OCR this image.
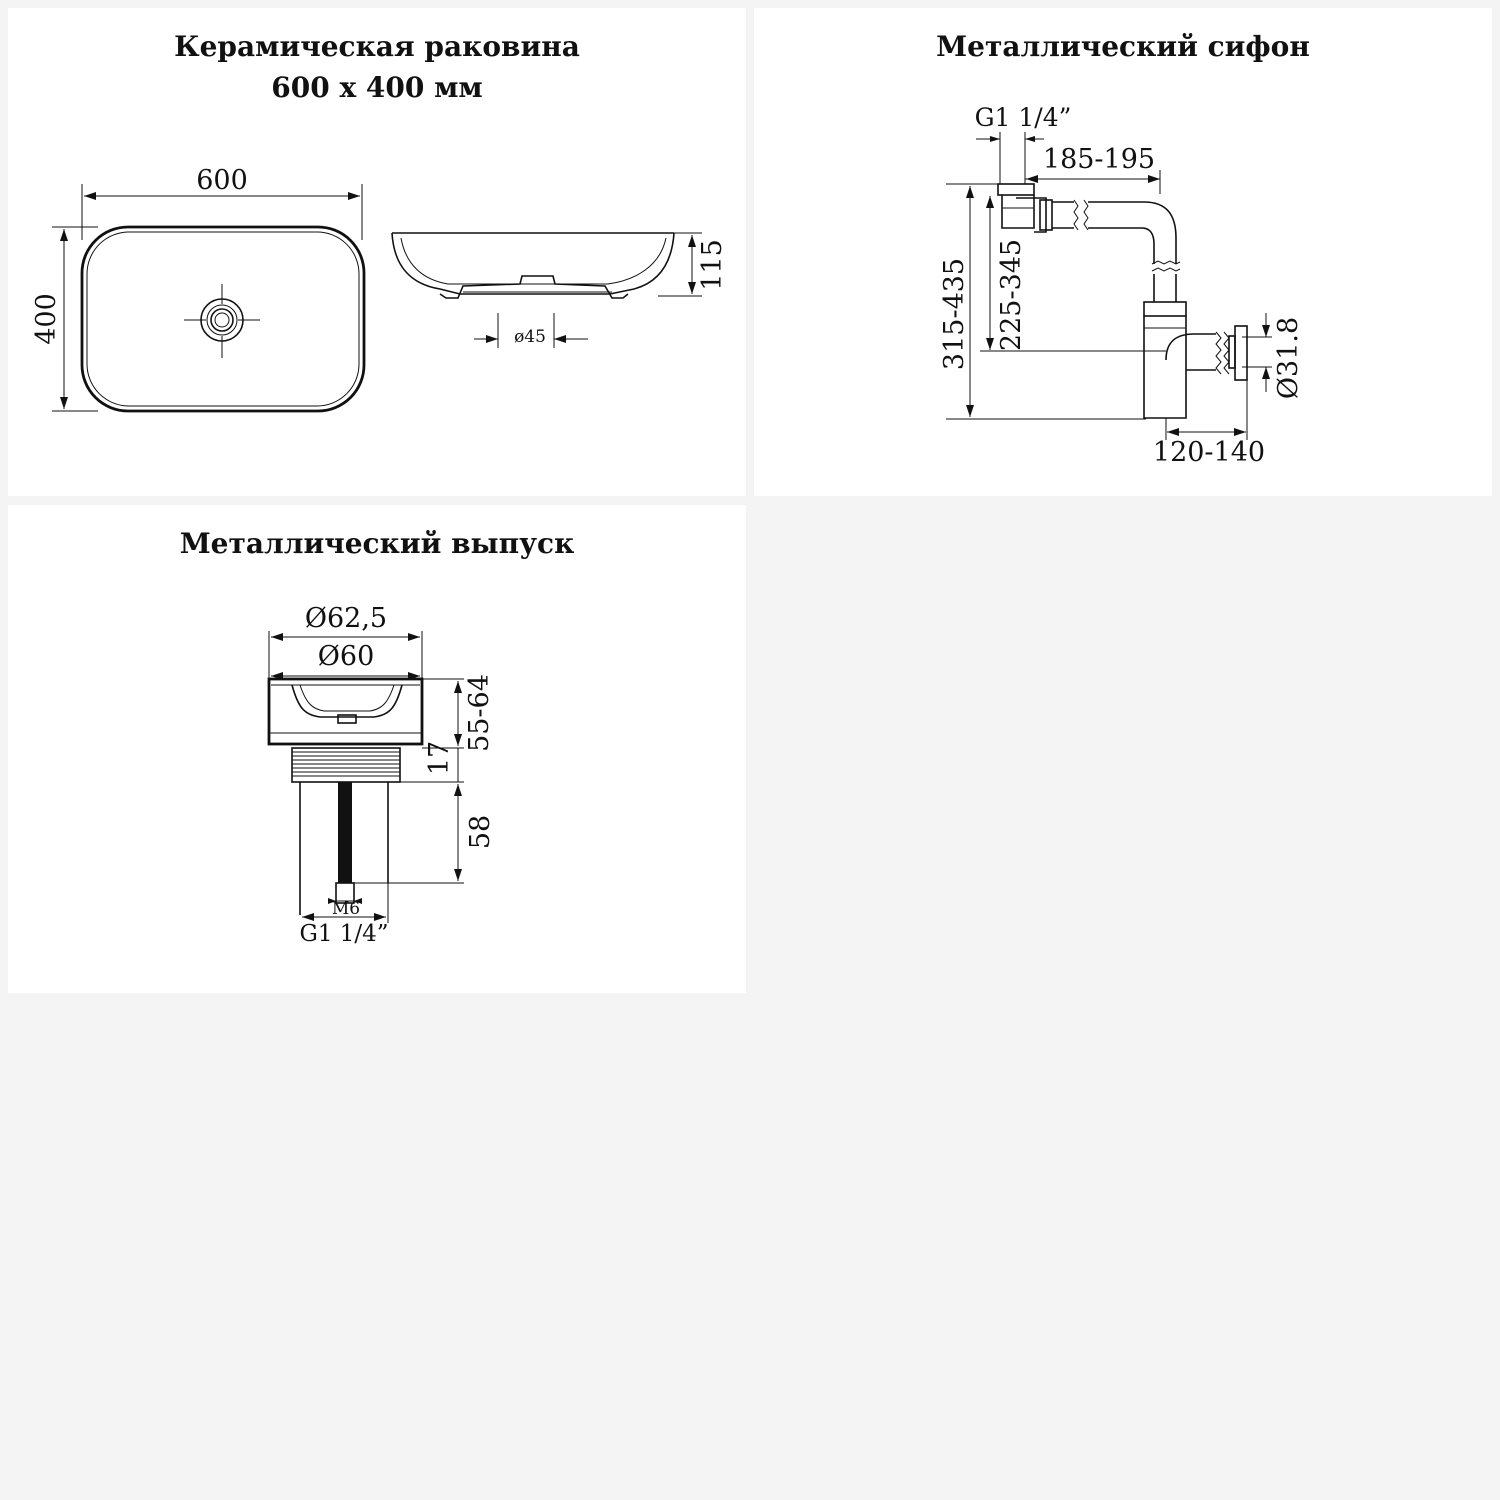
Керамическая раковина
600 x 400 мм
600
400
115
ø45
Металлический сифон
G1 1/4”
185-195
315-435 225-345
Ø31.8
120-140
Металлический выпуск
Ø62,5
Ø60
55-64
17
58
M6
G1 1/4”
